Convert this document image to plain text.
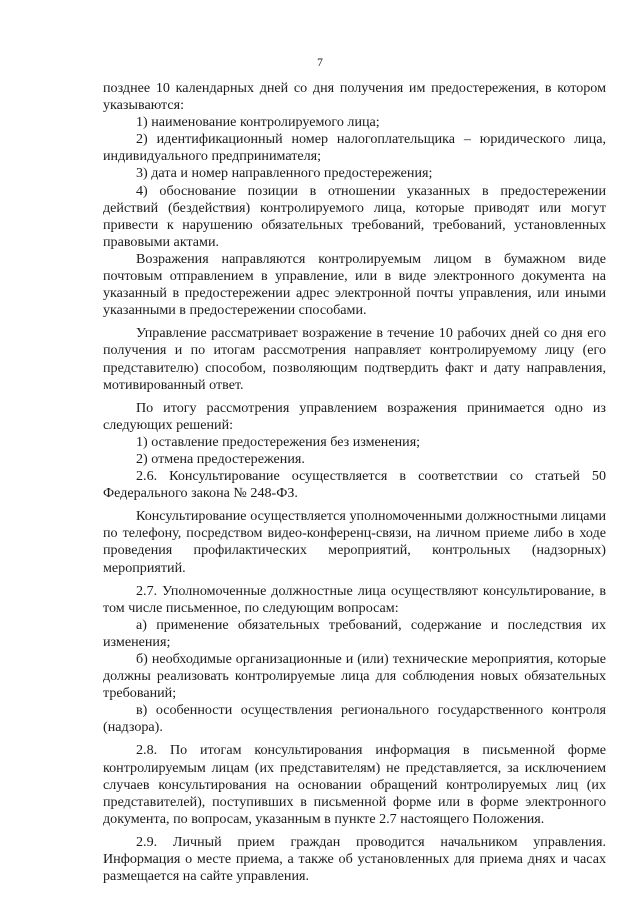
7

позднее 10 календарных дней со дня получения им предостережения, в котором указываются:

1) наименование контролируемого лица;

2) идентификационный номер налогоплательщика – юридического лица, индивидуального предпринимателя;

3) дата и номер направленного предостережения;

4) обоснование позиции в отношении указанных в предостережении действий (бездействия) контролируемого лица, которые приводят или могут привести к нарушению обязательных требований, требований, установленных правовыми актами.

Возражения направляются контролируемым лицом в бумажном виде почтовым отправлением в управление, или в виде электронного документа на указанный в предостережении адрес электронной почты управления, или иными указанными в предостережении способами.

Управление рассматривает возражение в течение 10 рабочих дней со дня его получения и по итогам рассмотрения направляет контролируемому лицу (его представителю) способом, позволяющим подтвердить факт и дату направления, мотивированный ответ.

По итогу рассмотрения управлением возражения принимается одно из следующих решений:

1) оставление предостережения без изменения;

2) отмена предостережения.

2.6. Консультирование осуществляется в соответствии со статьей 50 Федерального закона № 248-ФЗ.

Консультирование осуществляется уполномоченными должностными лицами по телефону, посредством видео-конференц-связи, на личном приеме либо в ходе проведения профилактических мероприятий, контрольных (надзорных) мероприятий.

2.7. Уполномоченные должностные лица осуществляют консультирование, в том числе письменное, по следующим вопросам:

а) применение обязательных требований, содержание и последствия их изменения;

б) необходимые организационные и (или) технические мероприятия, которые должны реализовать контролируемые лица для соблюдения новых обязательных требований;

в) особенности осуществления регионального государственного контроля (надзора).

2.8. По итогам консультирования информация в письменной форме контролируемым лицам (их представителям) не представляется, за исключением случаев консультирования на основании обращений контролируемых лиц (их представителей), поступивших в письменной форме или в форме электронного документа, по вопросам, указанным в пункте 2.7 настоящего Положения.

2.9. Личный прием граждан проводится начальником управления. Информация о месте приема, а также об установленных для приема днях и часах размещается на сайте управления.
